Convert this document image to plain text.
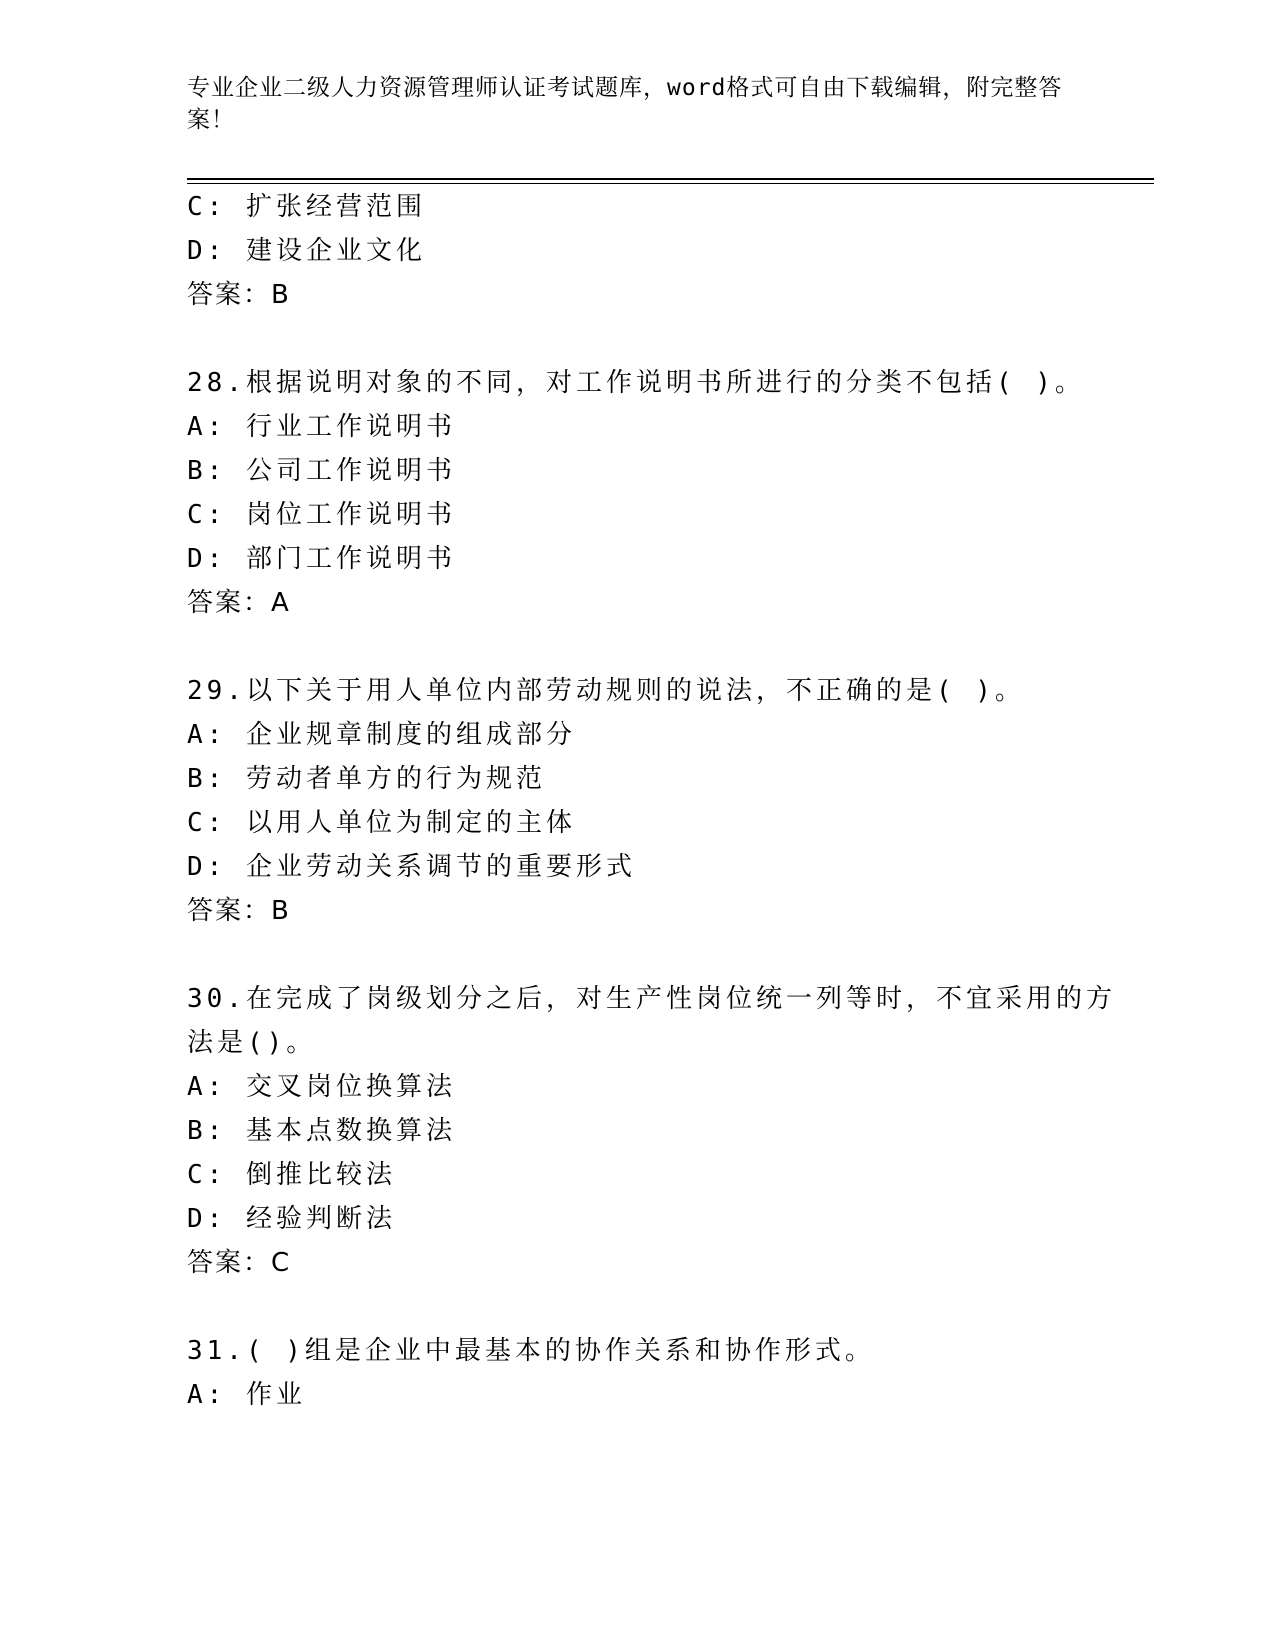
专业企业二级人力资源管理师认证考试题库，word格式可自由下载编辑，附完整答案！
C: 扩张经营范围
D: 建设企业文化
答案：B
28.根据说明对象的不同，对工作说明书所进行的分类不包括( )。
A: 行业工作说明书
B: 公司工作说明书
C: 岗位工作说明书
D: 部门工作说明书
答案：A
29.以下关于用人单位内部劳动规则的说法，不正确的是( )。
A: 企业规章制度的组成部分
B: 劳动者单方的行为规范
C: 以用人单位为制定的主体
D: 企业劳动关系调节的重要形式
答案：B
30.在完成了岗级划分之后，对生产性岗位统一列等时，不宜采用的方
法是()。
A: 交叉岗位换算法
B: 基本点数换算法
C: 倒推比较法
D: 经验判断法
答案：C
31.( )组是企业中最基本的协作关系和协作形式。
A: 作业
